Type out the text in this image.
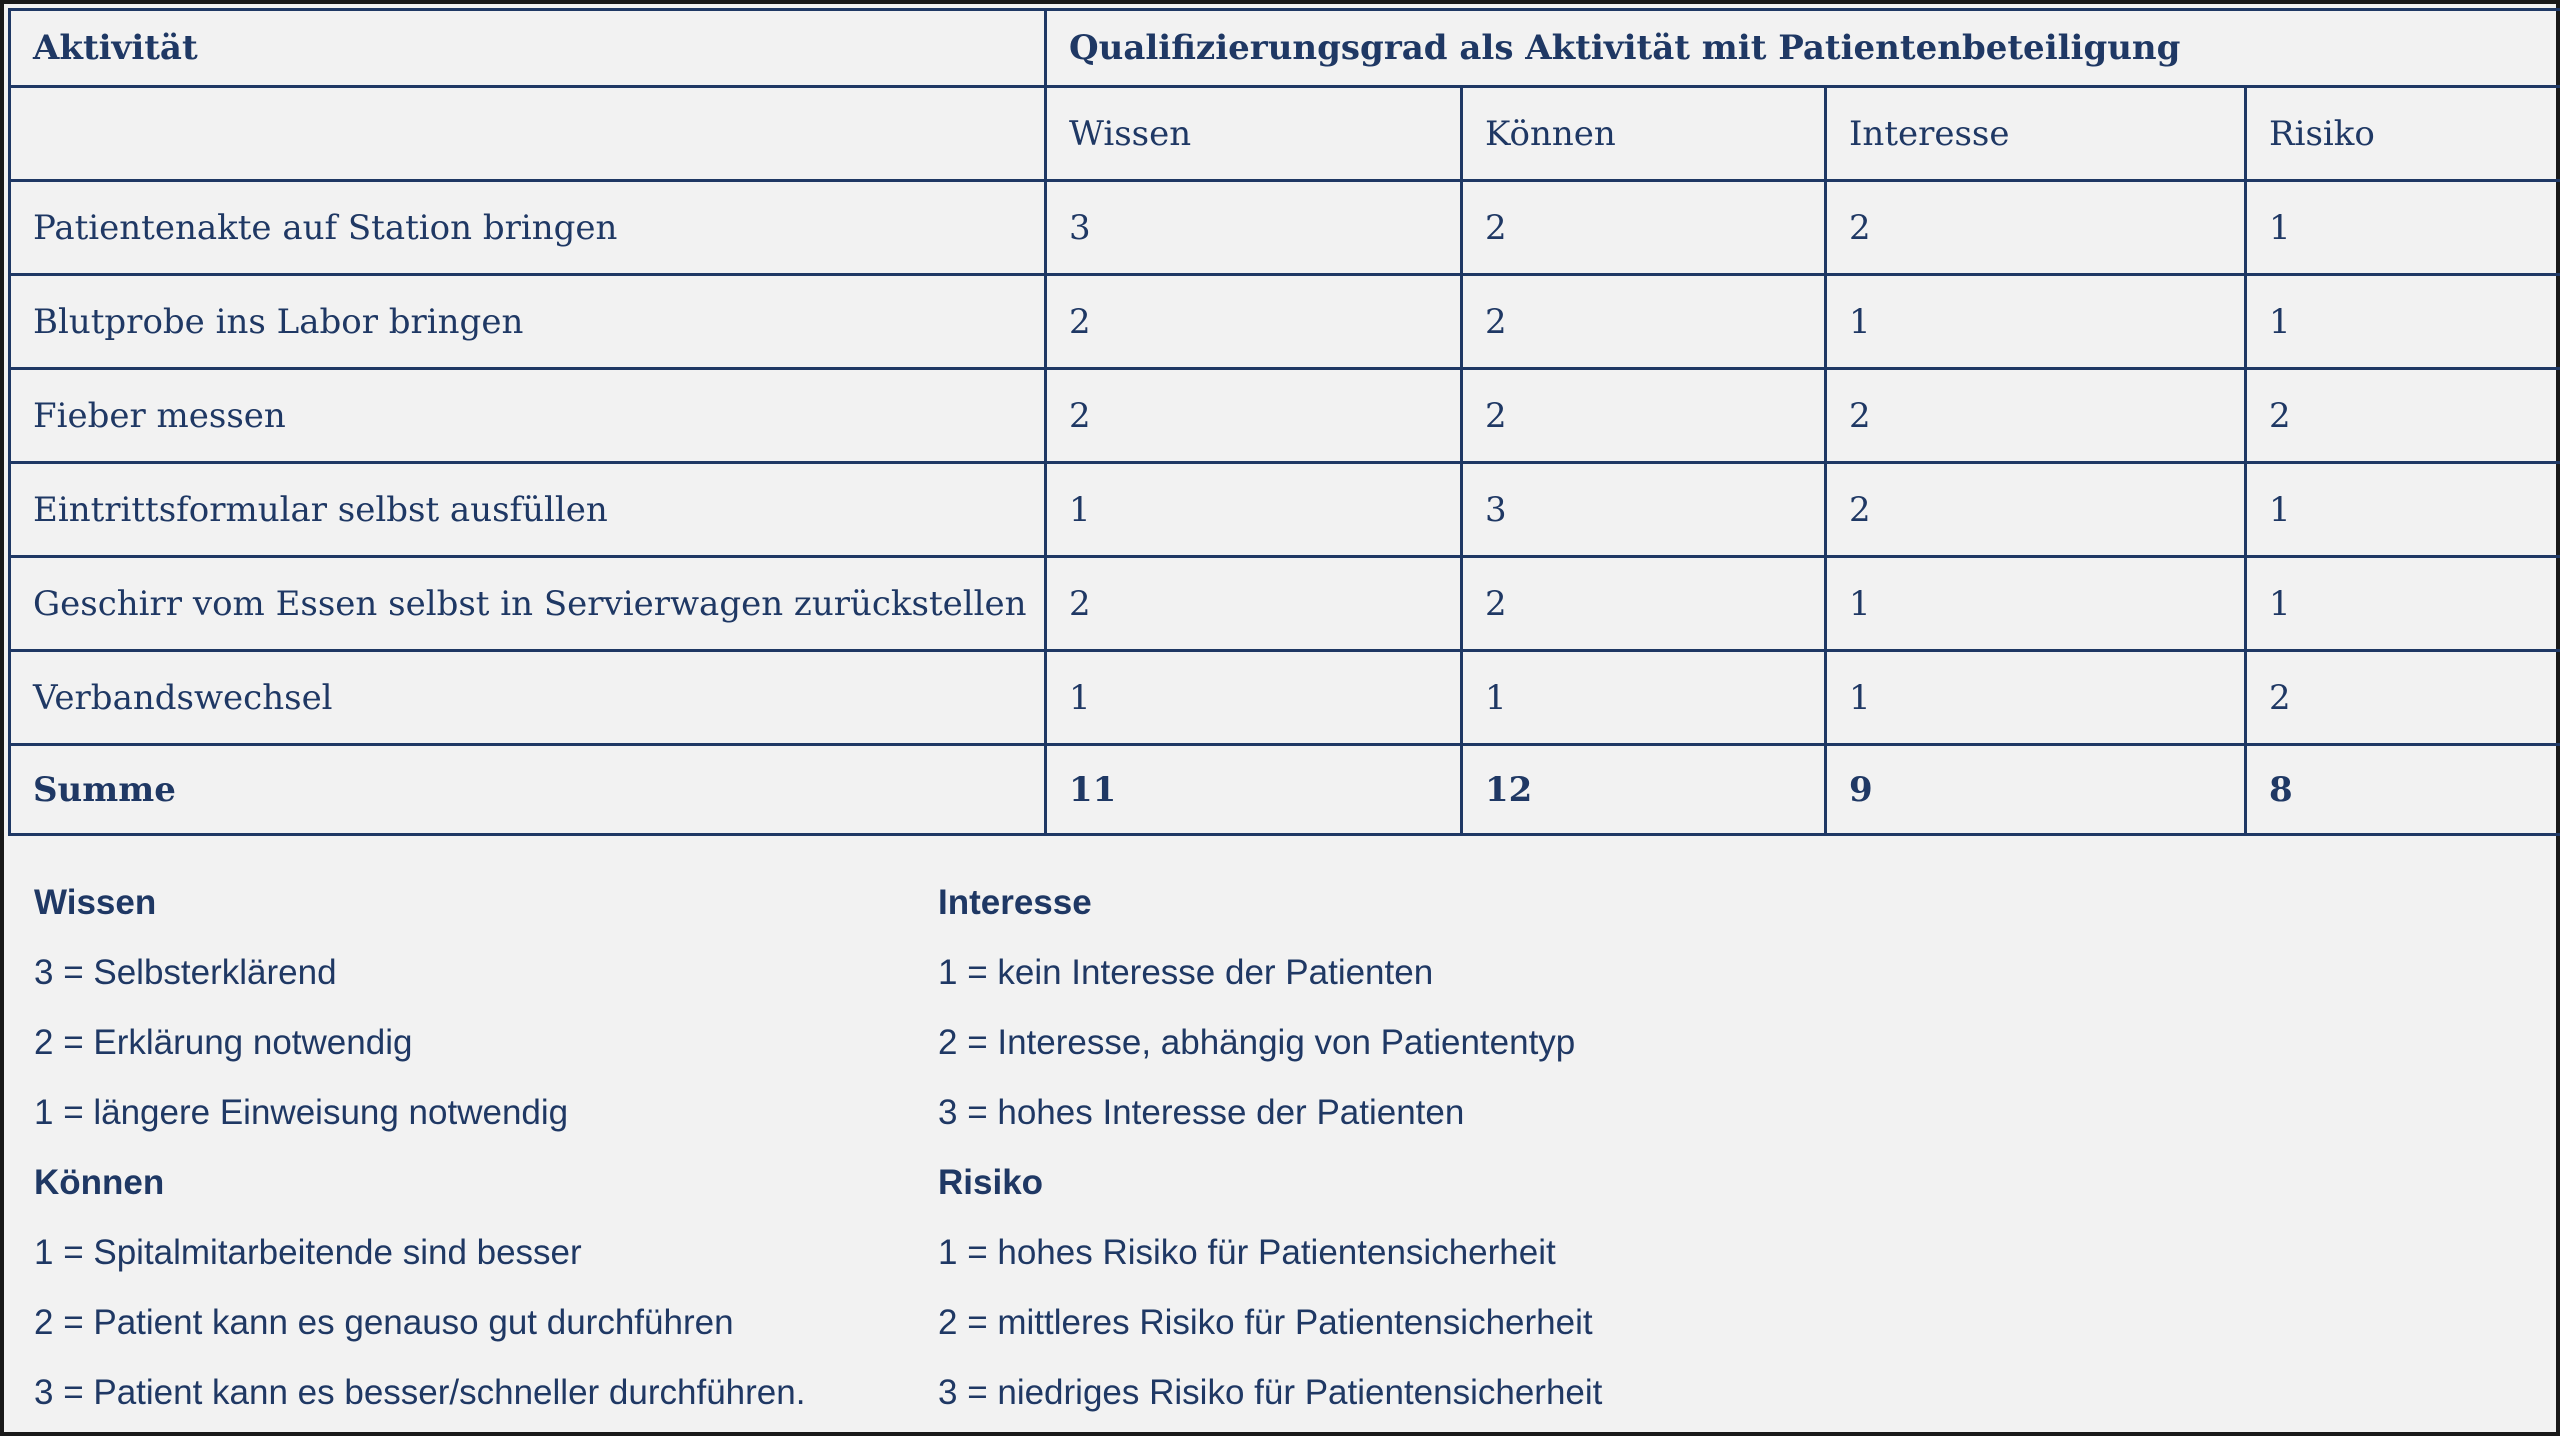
Aktivität	Qualifizierungsgrad als Aktivität mit Patientenbeteiligung			
	Wissen	Können	Interesse	Risiko
Patientenakte auf Station bringen	3	2	2	1
Blutprobe ins Labor bringen	2	2	1	1
Fieber messen	2	2	2	2
Eintrittsformular selbst ausfüllen	1	3	2	1
Geschirr vom Essen selbst in Servierwagen zurückstellen	2	2	1	1
Verbandswechsel	1	1	1	2
Summe	11	12	9	8
Wissen
3 = Selbsterklärend
2 = Erklärung notwendig
1 = längere Einweisung notwendig
Können
1 = Spitalmitarbeitende sind besser
2 = Patient kann es genauso gut durchführen
3 = Patient kann es besser/schneller durchführen.
Interesse
1 = kein Interesse der Patienten
2 = Interesse, abhängig von Patiententyp
3 = hohes Interesse der Patienten
Risiko
1 = hohes Risiko für Patientensicherheit
2 = mittleres Risiko für Patientensicherheit
3 = niedriges Risiko für Patientensicherheit
